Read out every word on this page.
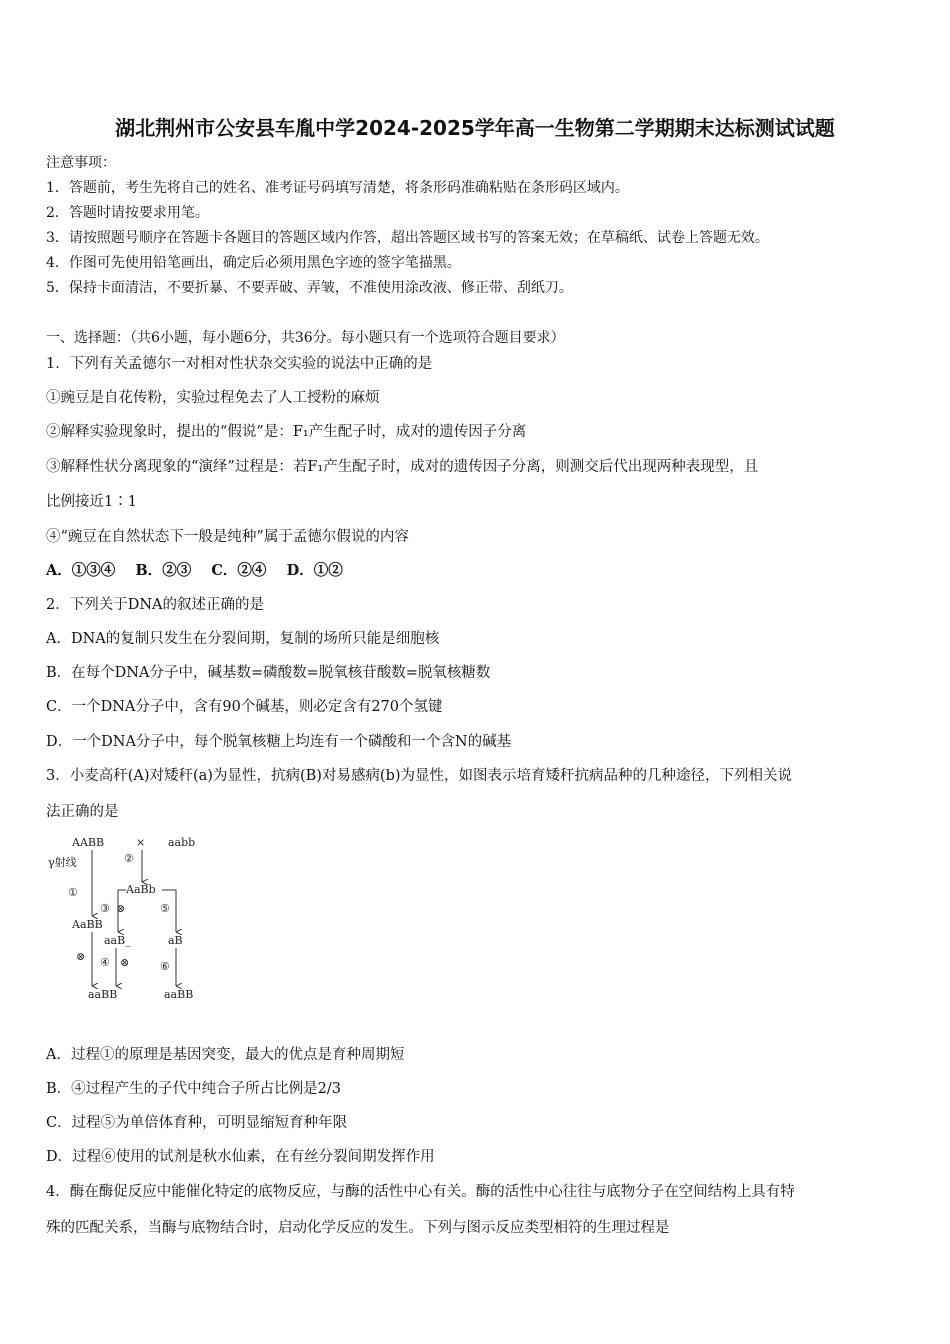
湖北荆州市公安县车胤中学2024-2025学年高一生物第二学期期末达标测试试题
注意事项：
1．答题前，考生先将自己的姓名、准考证号码填写清楚，将条形码准确粘贴在条形码区域内。
2．答题时请按要求用笔。
3．请按照题号顺序在答题卡各题目的答题区域内作答，超出答题区域书写的答案无效；在草稿纸、试卷上答题无效。
4．作图可先使用铅笔画出，确定后必须用黑色字迹的签字笔描黑。
5．保持卡面清洁，不要折暴、不要弄破、弄皱，不准使用涂改液、修正带、刮纸刀。
一、选择题：（共6小题，每小题6分，共36分。每小题只有一个选项符合题目要求）
1．下列有关孟德尔一对相对性状杂交实验的说法中正确的是
①豌豆是自花传粉，实验过程免去了人工授粉的麻烦
②解释实验现象时，提出的“假说”是：F₁产生配子时，成对的遗传因子分离
③解释性状分离现象的“演绎”过程是：若F₁产生配子时，成对的遗传因子分离，则测交后代出现两种表现型，且
比例接近1∶1
④“豌豆在自然状态下一般是纯种”属于孟德尔假说的内容
A．①③④    B．②③    C．②④    D．①②
2．下列关于DNA的叙述正确的是
A．DNA的复制只发生在分裂间期，复制的场所只能是细胞核
B．在每个DNA分子中，碱基数=磷酸数=脱氧核苷酸数=脱氧核糖数
C．一个DNA分子中，含有90个碱基，则必定含有270个氢键
D．一个DNA分子中，每个脱氧核糖上均连有一个磷酸和一个含N的碱基
3．小麦高秆(A)对矮秆(a)为显性，抗病(B)对易感病(b)为显性，如图表示培育矮秆抗病品种的几种途径，下列相关说
法正确的是
AABB	× aabb
γ射线	②
①	AaBb
③ ⊗	⑤
AaBB
aaB_	aB
⊗ ④ ⊗	⑥
aaBB	aaBB
A．过程①的原理是基因突变，最大的优点是育种周期短
B．④过程产生的子代中纯合子所占比例是2/3
C．过程⑤为单倍体育种，可明显缩短育种年限
D．过程⑥使用的试剂是秋水仙素，在有丝分裂间期发挥作用
4．酶在酶促反应中能催化特定的底物反应，与酶的活性中心有关。酶的活性中心往往与底物分子在空间结构上具有特
殊的匹配关系，当酶与底物结合时，启动化学反应的发生。下列与图示反应类型相符的生理过程是
